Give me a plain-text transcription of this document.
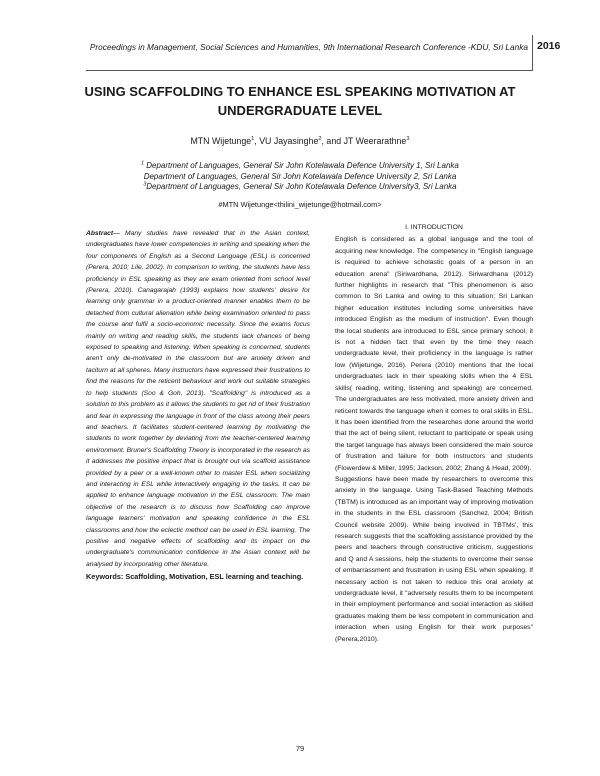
Proceedings in Management, Social Sciences and Humanities, 9th International Research Conference -KDU, Sri Lanka 2016
USING SCAFFOLDING TO ENHANCE ESL SPEAKING MOTIVATION AT UNDERGRADUATE LEVEL
MTN Wijetunge$^1$, VU Jayasinghe$^2$, and JT Weerarathne$^3$

$^1$ Department of Languages, General Sir John Kotelawala Defence University 1, Sri Lanka

Department of Languages, General Sir John Kotelawala Defence University 2, Sri Lanka

$^3$Department of Languages, General Sir John Kotelawala Defence University3, Sri Lanka

#MTN Wijetunge<thilini_wijetunge@hotmail.com>

Abstract— Many studies have revealed that in the Asian context, undergraduates have lower competencies in writing and speaking when the four components of English as a Second Language (ESL) is concerned (Perera, 2010; Lile, 2002). In comparison to writing, the students have less proficiency in ESL speaking as they are exam oriented from school level (Perera, 2010). Canagarajah (1993) explains how students' desire for learning only grammar in a product-oriented manner enables them to be detached from cultural alienation while being examination oriented to pass the course and fulfil a socio-economic necessity. Since the exams focus mainly on writing and reading skills, the students lack chances of being exposed to speaking and listening. When speaking is concerned, students aren't only de-motivated in the classroom but are anxiety driven and taciturn at all spheres. Many instructors have expressed their frustrations to find the reasons for the reticent behaviour and work out suitable strategies to help students (Soo & Goh, 2013). "Scaffolding" is introduced as a solution to this problem as it allows the students to get rid of their frustration and fear in expressing the language in front of the class among their peers and teachers. It facilitates student-centered learning by motivating the students to work together by deviating from the teacher-centered learning environment. Bruner's Scaffolding Theory is incorporated in the research as it addresses the positive impact that is brought out via scaffold assistance provided by a peer or a well-known other to master ESL when socializing and interacting in ESL while interactively engaging in the tasks. It can be applied to enhance language motivation in the ESL classroom. The main objective of the research is to discuss how Scaffolding can improve language learners' motivation and speaking confidence in the ESL classrooms and how the eclectic method can be used in ESL learning. The positive and negative effects of scaffolding and its impact on the undergraduate's communication confidence in the Asian context will be analysed by incorporating other literature.

Keywords: Scaffolding, Motivation, ESL learning and teaching.

I. INTRODUCTION

English is considered as a global language and the tool of acquiring new knowledge. The competency in "English language is required to achieve scholastic goals of a person in an education arena" (Siriwardhana, 2012). Siriwardhana (2012) further highlights in research that "This phenomenon is also common to Sri Lanka and owing to this situation; Sri Lankan higher education institutes including some universities have introduced English as the medium of instruction". Even though the local students are introduced to ESL since primary school, it is not a hidden fact that even by the time they reach undergraduate level, their proficiency in the language is rather low (Wijetunge, 2016). Perera (2010) mentions that the local undergraduates lack in their speaking skills when the 4 ESL skills( reading, writing, listening and speaking) are concerned. The undergraduates are less motivated, more anxiety driven and reticent towards the language when it comes to oral skills in ESL. It has been identified from the researches done around the world that the act of being silent, reluctant to participate or speak using the target language has always been considered the main source of frustration and failure for both instructors and students (Flowerdew & Miller, 1995; Jackson, 2002; Zhang & Head, 2009).

Suggestions have been made by researchers to overcome this anxiety in the language. Using Task-Based Teaching Methods (TBTM) is introduced as an important way of improving motivation in the students in the ESL classroom (Sanchez, 2004; British Council website 2009). While being involved in TBTMs', this research suggests that the scaffolding assistance provided by the peers and teachers through constructive criticism, suggestions and Q and A sessions, help the students to overcome their sense of embarrassment and frustration in using ESL when speaking. If necessary action is not taken to reduce this oral anxiety at undergraduate level, it "adversely results them to be incompetent in their employment performance and social interaction as skilled graduates making them be less competent in communication and interaction when using English for their work purposes" (Perera,2010).

79
